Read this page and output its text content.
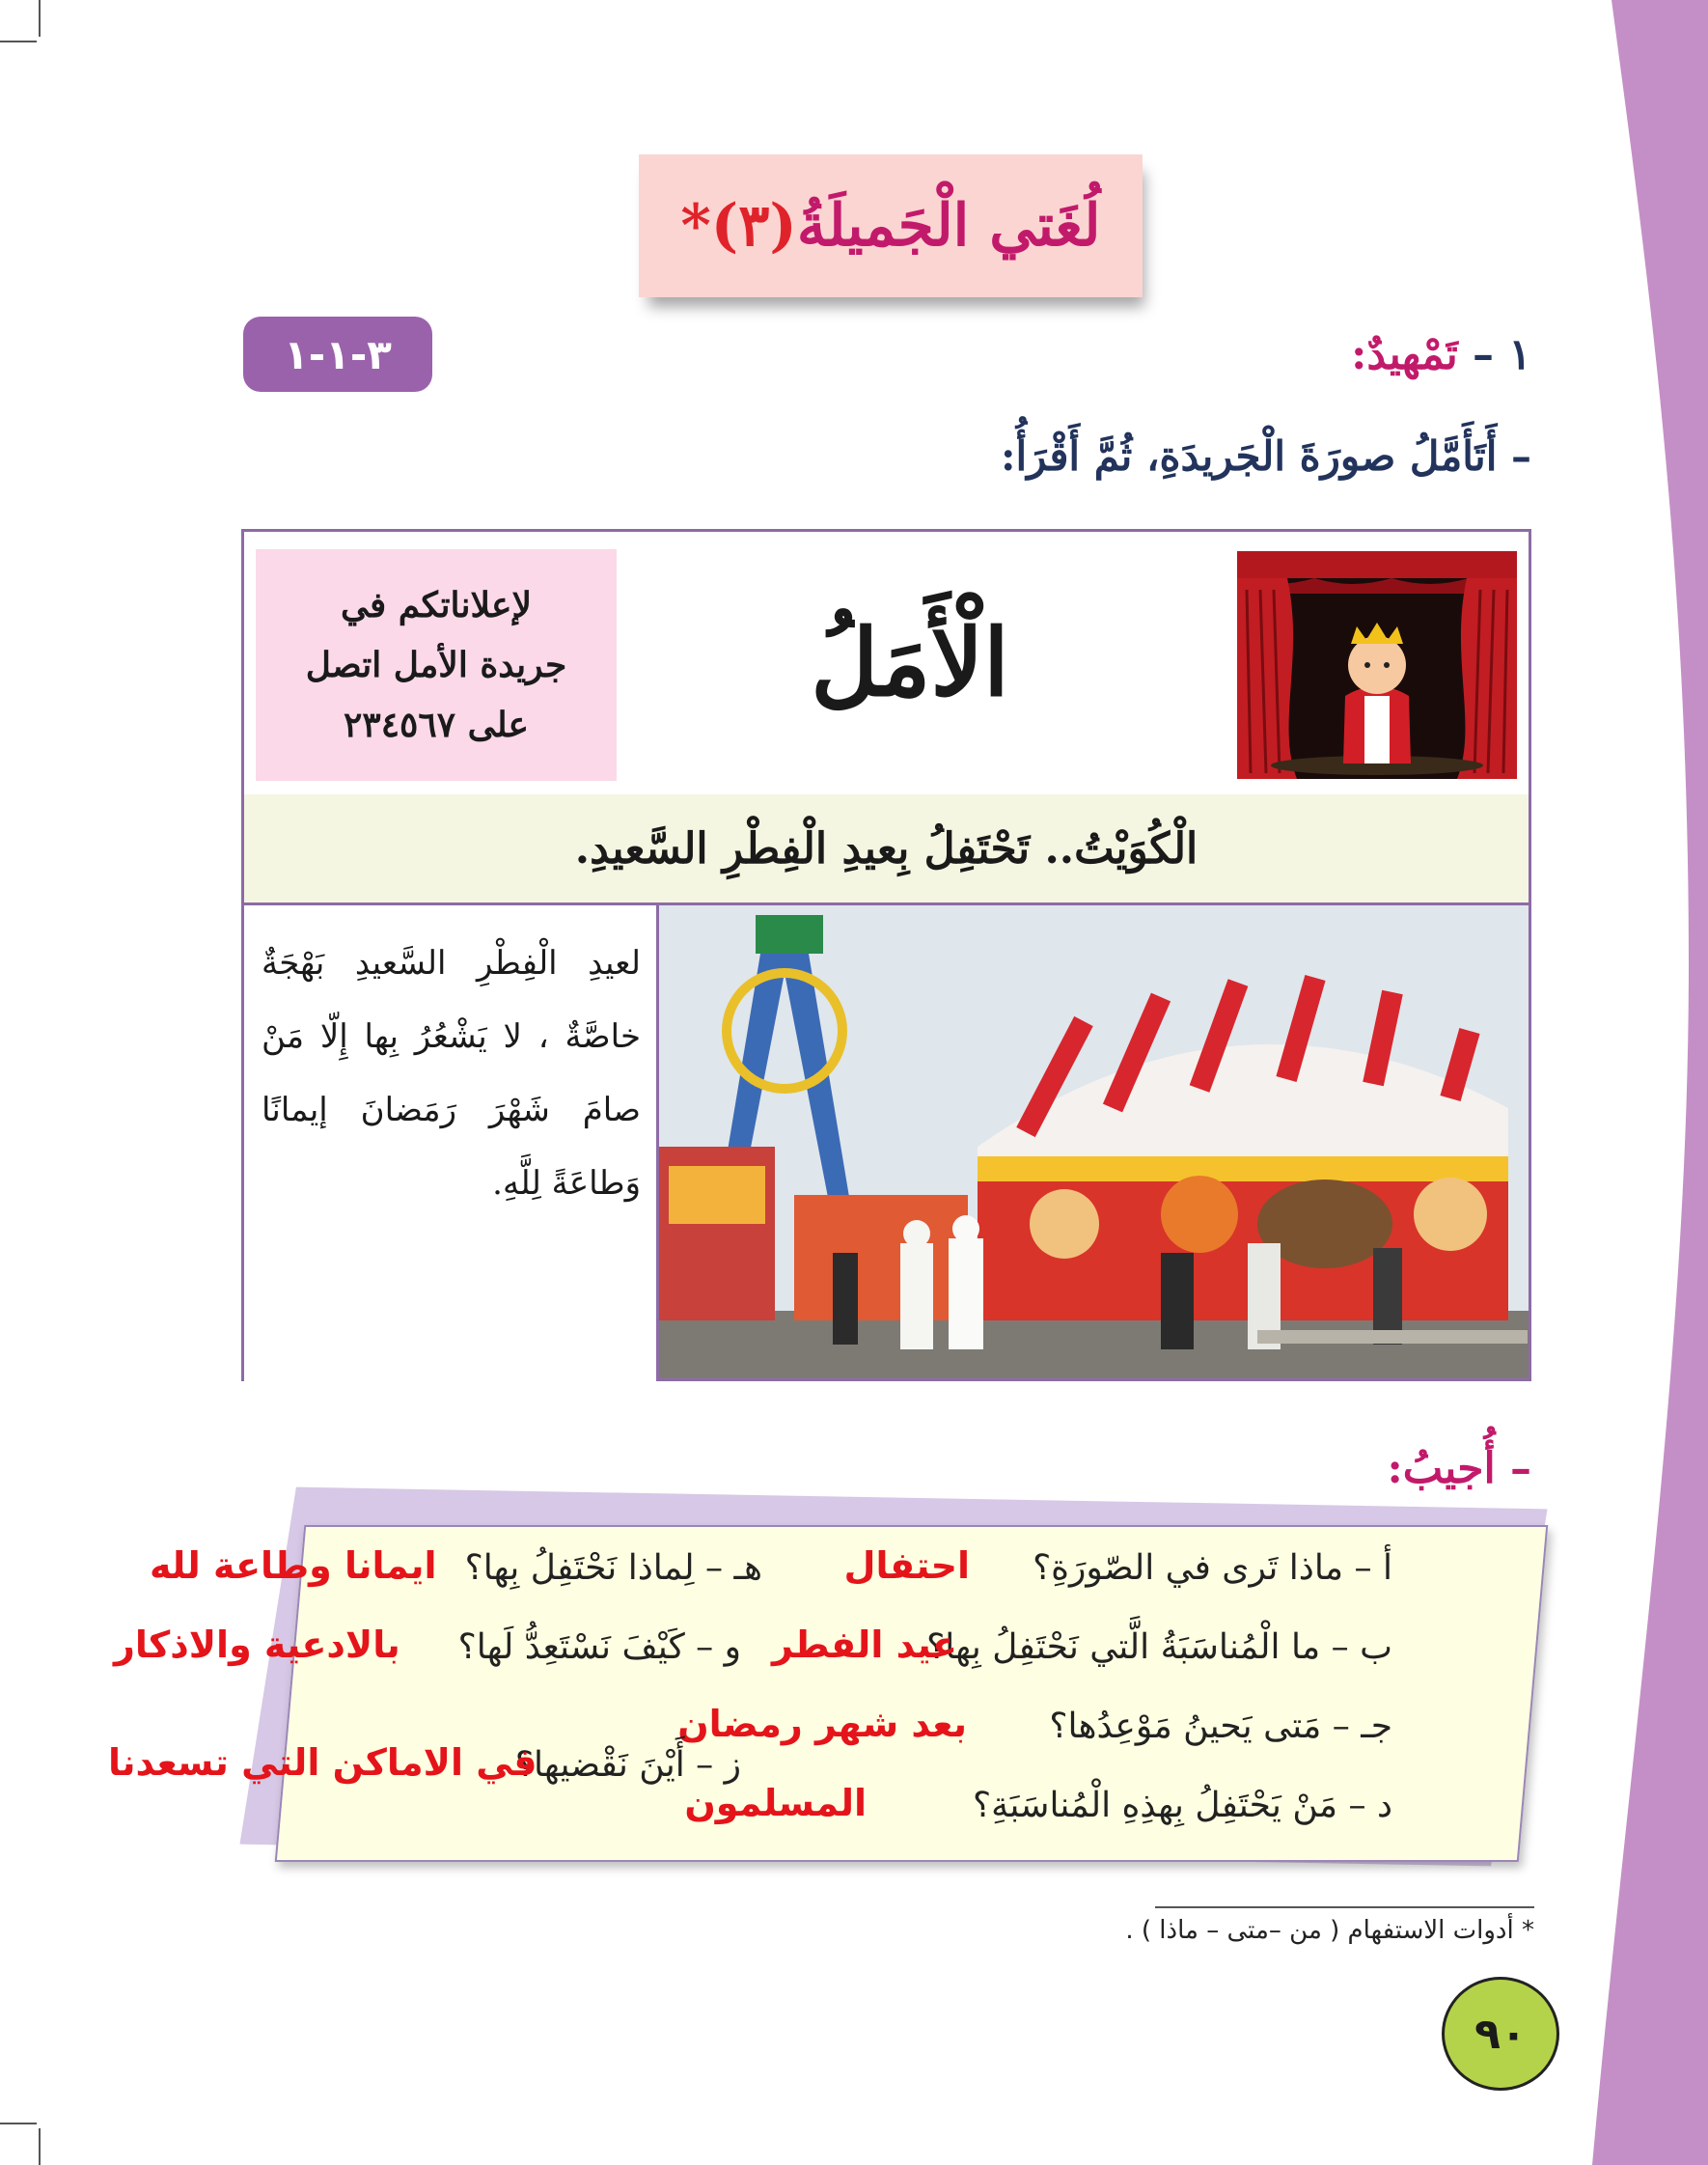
لُغَتي الْجَميلَةُ(٣)*
٣-١-١	١ – تَمْهيدٌ:
– أَتَأَمَّلُ صورَةَ الْجَريدَةِ، ثُمَّ أَقْرَأُ:
الْأَمَلُ
لإعلاناتكم في
جريدة الأمل اتصل
على ٢٣٤٥٦٧
الْكُوَيْتُ.. تَحْتَفِلُ بِعيدِ الْفِطْرِ السَّعيدِ.
لعيدِ الْفِطْرِ السَّعيدِ بَهْجَةٌ خاصَّةٌ ، لا يَشْعُرُ بِها إِلّا مَنْ صامَ شَهْرَ رَمَضانَ إيمانًا وَطاعَةً لِلَّهِ.
– أُجيبُ:
أ – ماذا تَرى في الصّورَةِ؟
احتفال
ب – ما الْمُناسَبَةُ الَّتي نَحْتَفِلُ بِها؟
عيد الفطر
جـ – مَتى يَحينُ مَوْعِدُها؟
بعد شهر رمضان
د – مَنْ يَحْتَفِلُ بِهذِهِ الْمُناسَبَةِ؟
المسلمون
هـ – لِماذا نَحْتَفِلُ بِها؟
ايمانا وطاعة لله
و – كَيْفَ نَسْتَعِدُّ لَها؟
بالادعية والاذكار
ز – أَيْنَ نَقْضيها؟
في الاماكن التي تسعدنا
* أدوات الاستفهام ( من –متى – ماذا ) .
٩٠
